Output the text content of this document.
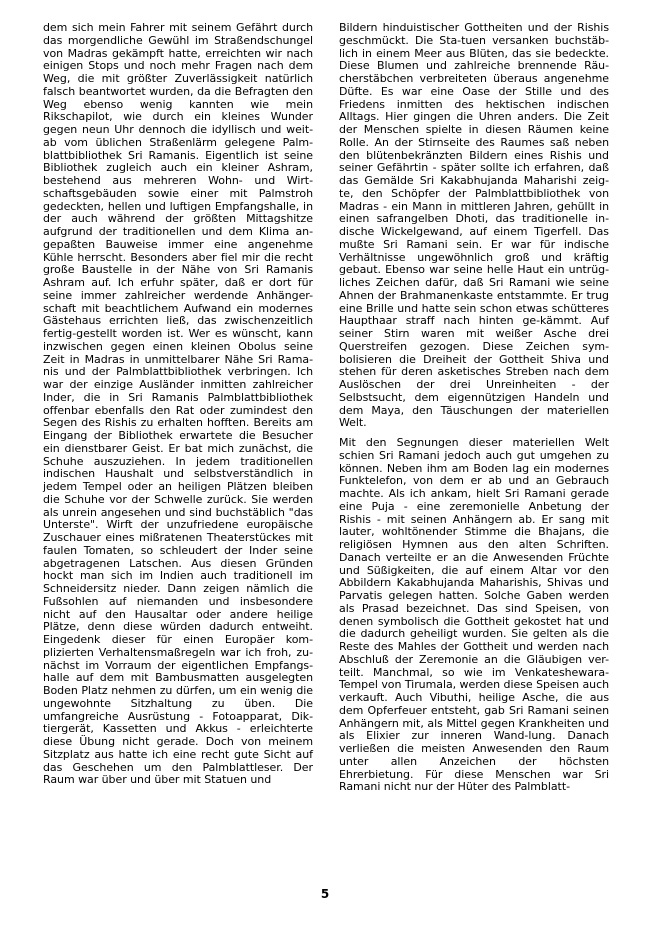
dem sich mein Fahrer mit seinem Gefährt durch das morgendliche Gewühl im Straßendschungel von Madras gekämpft hatte, erreichten wir nach einigen Stops und noch mehr Fragen nach dem Weg, die mit größter Zuverlässigkeit natürlich falsch beantwortet wurden, da die Befragten den Weg ebenso wenig kannten wie mein Rikschapilot, wie durch ein kleines Wunder gegen neun Uhr dennoch die idyllisch und weit-ab vom üblichen Straßenlärm gelegene Palm-blattbibliothek Sri Ramanis. Eigentlich ist seine Bibliothek zugleich auch ein kleiner Ashram, bestehend aus mehreren Wohn- und Wirt-schaftsgebäuden sowie einer mit Palmstroh gedeckten, hellen und luftigen Empfangshalle, in der auch während der größten Mittagshitze aufgrund der traditionellen und dem Klima an-gepaßten Bauweise immer eine angenehme Kühle herrscht. Besonders aber fiel mir die recht große Baustelle in der Nähe von Sri Ramanis Ashram auf. Ich erfuhr später, daß er dort für seine immer zahlreicher werdende Anhänger-schaft mit beachtlichem Aufwand ein modernes Gästehaus errichten ließ, das zwischenzeitlich fertig-gestellt worden ist. Wer es wünscht, kann inzwischen gegen einen kleinen Obolus seine Zeit in Madras in unmittelbarer Nähe Sri Rama-nis und der Palmblattbibliothek verbringen. Ich war der einzige Ausländer inmitten zahlreicher Inder, die in Sri Ramanis Palmblattbibliothek offenbar ebenfalls den Rat oder zumindest den Segen des Rishis zu erhalten hofften. Bereits am Eingang der Bibliothek erwartete die Besucher ein dienstbarer Geist. Er bat mich zunächst, die Schuhe auszuziehen. In jedem traditionellen indischen Haushalt und selbstverständlich in jedem Tempel oder an heiligen Plätzen bleiben die Schuhe vor der Schwelle zurück. Sie werden als unrein angesehen und sind buchstäblich "das Unterste". Wirft der unzufriedene europäische Zuschauer eines mißratenen Theaterstückes mit faulen Tomaten, so schleudert der Inder seine abgetragenen Latschen. Aus diesen Gründen hockt man sich im Indien auch traditionell im Schneidersitz nieder. Dann zeigen nämlich die Fußsohlen auf niemanden und insbesondere nicht auf den Hausaltar oder andere heilige Plätze, denn diese würden dadurch entweiht. Eingedenk dieser für einen Europäer kom-plizierten Verhaltensmaßregeln war ich froh, zu-nächst im Vorraum der eigentlichen Empfangs-halle auf dem mit Bambusmatten ausgelegten Boden Platz nehmen zu dürfen, um ein wenig die ungewohnte Sitzhaltung zu üben. Die umfangreiche Ausrüstung - Fotoapparat, Dik-tiergerät, Kassetten und Akkus - erleichterte diese Übung nicht gerade. Doch von meinem Sitzplatz aus hatte ich eine recht gute Sicht auf das Geschehen um den Palmblattleser. Der Raum war über und über mit Statuen und

Bildern hinduistischer Gottheiten und der Rishis geschmückt. Die Sta-tuen versanken buchstäb-lich in einem Meer aus Blüten, das sie bedeckte. Diese Blumen und zahlreiche brennende Räu-cherstäbchen verbreiteten überaus angenehme Düfte. Es war eine Oase der Stille und des Friedens inmitten des hektischen indischen Alltags. Hier gingen die Uhren anders. Die Zeit der Menschen spielte in diesen Räumen keine Rolle. An der Stirnseite des Raumes saß neben den blütenbekränzten Bildern eines Rishis und seiner Gefährtin - später sollte ich erfahren, daß das Gemälde Sri Kakabhujanda Maharishi zeig-te, den Schöpfer der Palmblattbibliothek von Madras - ein Mann in mittleren Jahren, gehüllt in einen safrangelben Dhoti, das traditionelle in-dische Wickelgewand, auf einem Tigerfell. Das mußte Sri Ramani sein. Er war für indische Verhältnisse ungewöhnlich groß und kräftig gebaut. Ebenso war seine helle Haut ein untrüg-liches Zeichen dafür, daß Sri Ramani wie seine Ahnen der Brahmanenkaste entstammte. Er trug eine Brille und hatte sein schon etwas schütteres Haupthaar straff nach hinten ge-kämmt. Auf seiner Stirn waren mit weißer Asche drei Querstreifen gezogen. Diese Zeichen sym-bolisieren die Dreiheit der Gottheit Shiva und stehen für deren asketisches Streben nach dem Auslöschen der drei Unreinheiten - der Selbstsucht, dem eigennützigen Handeln und dem Maya, den Täuschungen der materiellen Welt.

Mit den Segnungen dieser materiellen Welt schien Sri Ramani jedoch auch gut umgehen zu können. Neben ihm am Boden lag ein modernes Funktelefon, von dem er ab und an Gebrauch machte. Als ich ankam, hielt Sri Ramani gerade eine Puja - eine zeremonielle Anbetung der Rishis - mit seinen Anhängern ab. Er sang mit lauter, wohltönender Stimme die Bhajans, die religiösen Hymnen aus den alten Schriften. Danach verteilte er an die Anwesenden Früchte und Süßigkeiten, die auf einem Altar vor den Abbildern Kakabhujanda Maharishis, Shivas und Parvatis gelegen hatten. Solche Gaben werden als Prasad bezeichnet. Das sind Speisen, von denen symbolisch die Gottheit gekostet hat und die dadurch geheiligt wurden. Sie gelten als die Reste des Mahles der Gottheit und werden nach Abschluß der Zeremonie an die Gläubigen ver-teilt. Manchmal, so wie im Venkateshewara-Tempel von Tirumala, werden diese Speisen auch verkauft. Auch Vibuthi, heilige Asche, die aus dem Opferfeuer entsteht, gab Sri Ramani seinen Anhängern mit, als Mittel gegen Krankheiten und als Elixier zur inneren Wand-lung. Danach verließen die meisten Anwesenden den Raum unter allen Anzeichen der höchsten Ehrerbietung. Für diese Menschen war Sri Ramani nicht nur der Hüter des Palmblatt-

5
